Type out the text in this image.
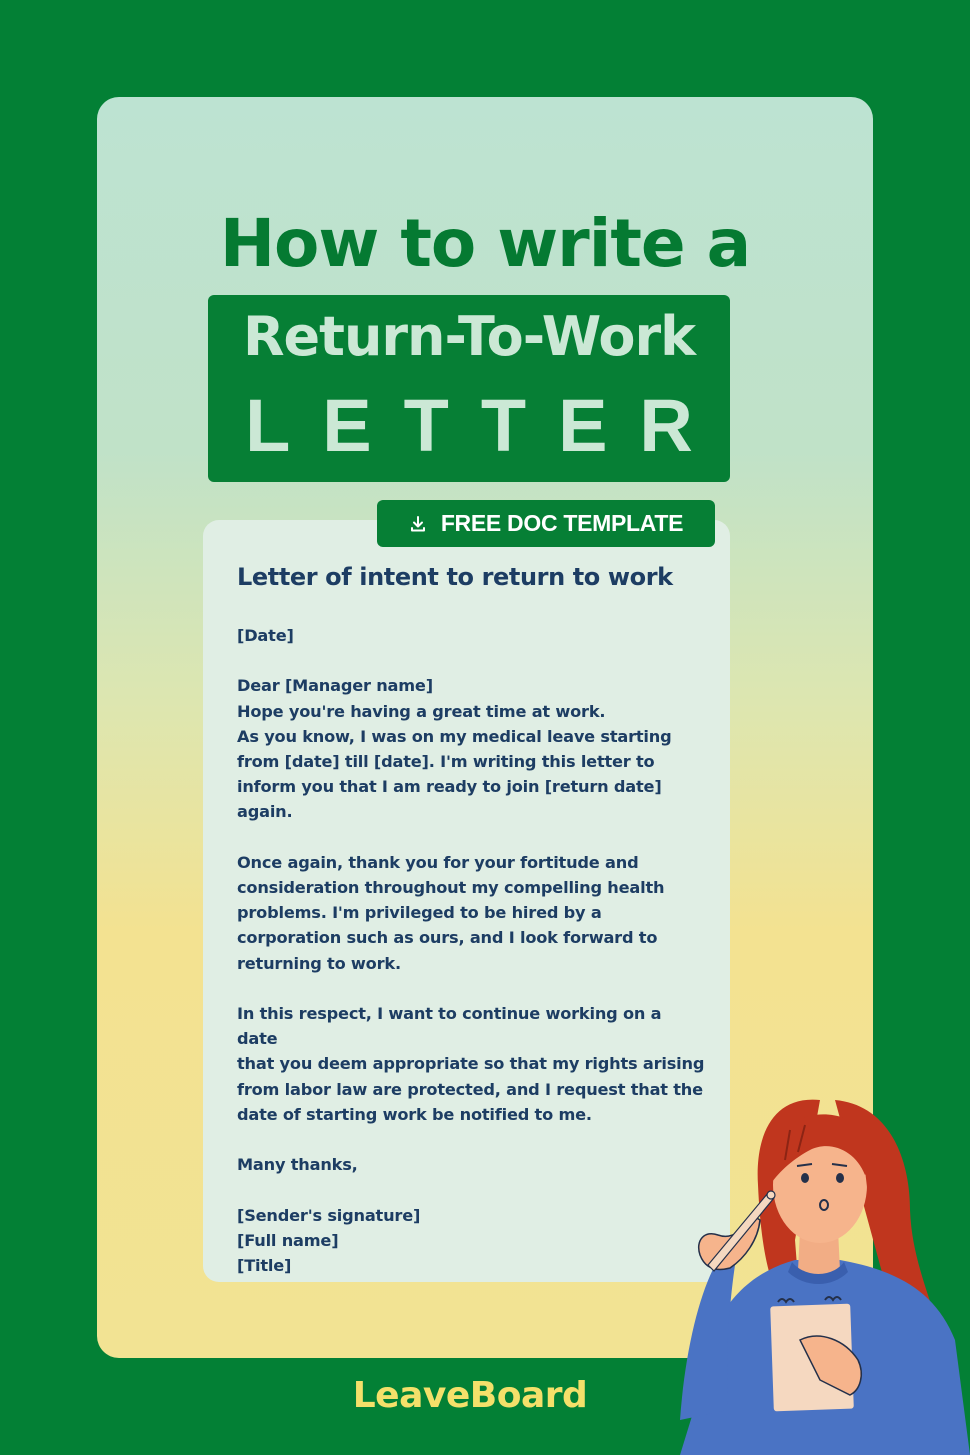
How to write a
Return-To-Work
LETTER
FREE DOC TEMPLATE
Letter of intent to return to work

[Date]

Dear [Manager name]

Hope you're having a great time at work.

As you know, I was on my medical leave starting

from [date] till [date]. I'm writing this letter to

inform you that I am ready to join [return date]

again.

Once again, thank you for your fortitude and

consideration throughout my compelling health

problems. I'm privileged to be hired by a

corporation such as ours, and I look forward to

returning to work.

In this respect, I want to continue working on a date

that you deem appropriate so that my rights arising

from labor law are protected, and I request that the

date of starting work be notified to me.

Many thanks,

[Sender's signature]

[Full name]

[Title]

LeaveBoard
